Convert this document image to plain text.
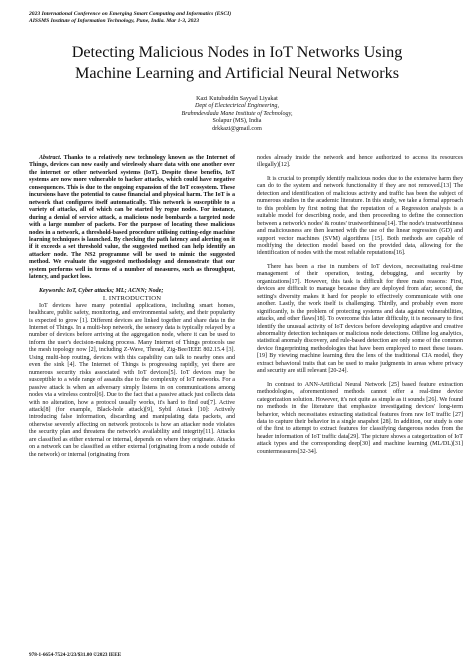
2023 International Conference on Emerging Smart Computing and Informatics (ESCI)
AISSMS Institute of Information Technology, Pune, India. Mar 1-3, 2023
Detecting Malicious Nodes in IoT Networks Using
Machine Learning and Artificial Neural Networks
Kazi Kutubuddin Sayyad Liyakat
Dept of Electectrical Engineering,
Brahmdevdada Mane Institute of Technology,
Solapur (MS), India
drkkazi@gmail.com

Abstract. Thanks to a relatively new technology known as the Internet of Things, devices can now easily and wirelessly share data with one another over the internet or other networked systems (IoT). Despite these benefits, IoT systems are now more vulnerable to hacker attacks, which could have negative consequences. This is due to the ongoing expansion of the IoT ecosystem. These incursions have the potential to cause financial and physical harm. The IoT is a network that configures itself automatically. This network is susceptible to a variety of attacks, all of which can be started by rogue nodes. For instance, during a denial of service attack, a malicious node bombards a targeted node with a large number of packets. For the purpose of locating these malicious nodes in a network, a threshold-based procedure utilising cutting-edge machine learning techniques is launched. By checking the path latency and alerting on it if it exceeds a set threshold value, the suggested method can help identify an attacker node. The NS2 programme will be used to mimic the suggested method. We evaluate the suggested methodology and demonstrate that our system performs well in terms of a number of measures, such as throughput, latency, and packet loss.

Keywords: IoT, Cyber attacks; ML; ACNN; Node;

I. INTRODUCTION

IoT devices have many potential applications, including smart homes, healthcare, public safety, monitoring, and environmental safety, and their popularity is expected to grow [1]. Different devices are linked together and share data in the Internet of Things. In a multi-hop network, the sensory data is typically relayed by a number of devices before arriving at the aggregation node, where it can be used to inform the user's decision-making process. Many Internet of Things protocols use the mesh topology now [2], including Z-Wave, Thread, Zig-Bee/IEEE 802.15.4 [3]. Using multi-hop routing, devices with this capability can talk to nearby ones and even the sink [4]. The Internet of Things is progressing rapidly, yet there are numerous security risks associated with IoT devices[5]. IoT devices may be susceptible to a wide range of assaults due to the complexity of IoT networks. For a passive attack is when an adversary simply listens in on communications among nodes via a wireless control[6]. Due to the fact that a passive attack just collects data with no alteration, how a protocol usually works, it's hard to find out[7]. Active attack[8] (for example, Black-hole attack)[9], Sybil Attack [10]: Actively introducing false information, discarding and manipulating data packets, and otherwise severely affecting on network protocols is how an attacker node violates the security plan and threatens the network's availability and integrity[11]. Attacks are classified as either external or internal, depends on where they originate. Attacks on a network can be classified as either external (originating from a node outside of the network) or internal (originating from

nodes already inside the network and hence authorized to access its resources illegally)[12].

It is crucial to promptly identify malicious nodes due to the extensive harm they can do to the system and network functionality if they are not removed.[13] The detection and identification of malicious activity and traffic has been the subject of numerous studies in the academic literature. In this study, we take a formal approach to this problem by first noting that the reputation of a Regression analysis is a suitable model for describing node, and then proceeding to define the connection between a network's nodes' & routes' trustworthiness[14]. The node's trustworthiness and maliciousness are then learned with the use of the linear regression (GD) and support vector machines (SVM) algorithms [15]. Both methods are capable of modifying the detection model based on the provided data, allowing for the identification of nodes with the most reliable reputations[16].

There has been a rise in numbers of IoT devices, necessitating real-time management of their operation, testing, debugging, and security by organizations[17]. However, this task is difficult for three main reasons: First, devices are difficult to manage because they are deployed from afar; second, the setting's diversity makes it hard for people to effectively communicate with one another. Lastly, the work itself is challenging. Thirdly, and probably even more significantly, is the problem of protecting systems and data against vulnerabilities, attacks, and other flaws[18]. To overcome this latter difficulty, it is necessary to first identify the unusual activity of IoT devices before developing adaptive and creative abnormality detection techniques or malicious node detections. Offline log analytics, statistical anomaly discovery, and rule-based detection are only some of the common device fingerprinting methodologies that have been employed to meet these issues.[19] By viewing machine learning thru the lens of the traditional CIA model, they extract behavioral traits that can be used to make judgments in areas where privacy and security are still relevant [20-24].

In contrast to ANN-Artificial Neural Network [25] based feature extraction methodologies, aforementioned methods cannot offer a real-time device categorization solution. However, it's not quite as simple as it sounds [26]. We found no methods in the literature that emphasize investigating devices' long-term behavior, which necessitates extracting statistical features from raw IoT traffic [27] data to capture their behavior in a single snapshot [28]. In addition, our study is one of the first to attempt to extract features for classifying dangerous nodes from the header information of IoT traffic data[29]. The picture shows a categorization of IoT attack types and the corresponding deep[30] and machine learning (ML/DL)[31] countermeasures[32-34].

978-1-6654-7524-2/23/$31.00 ©2023 IEEE
